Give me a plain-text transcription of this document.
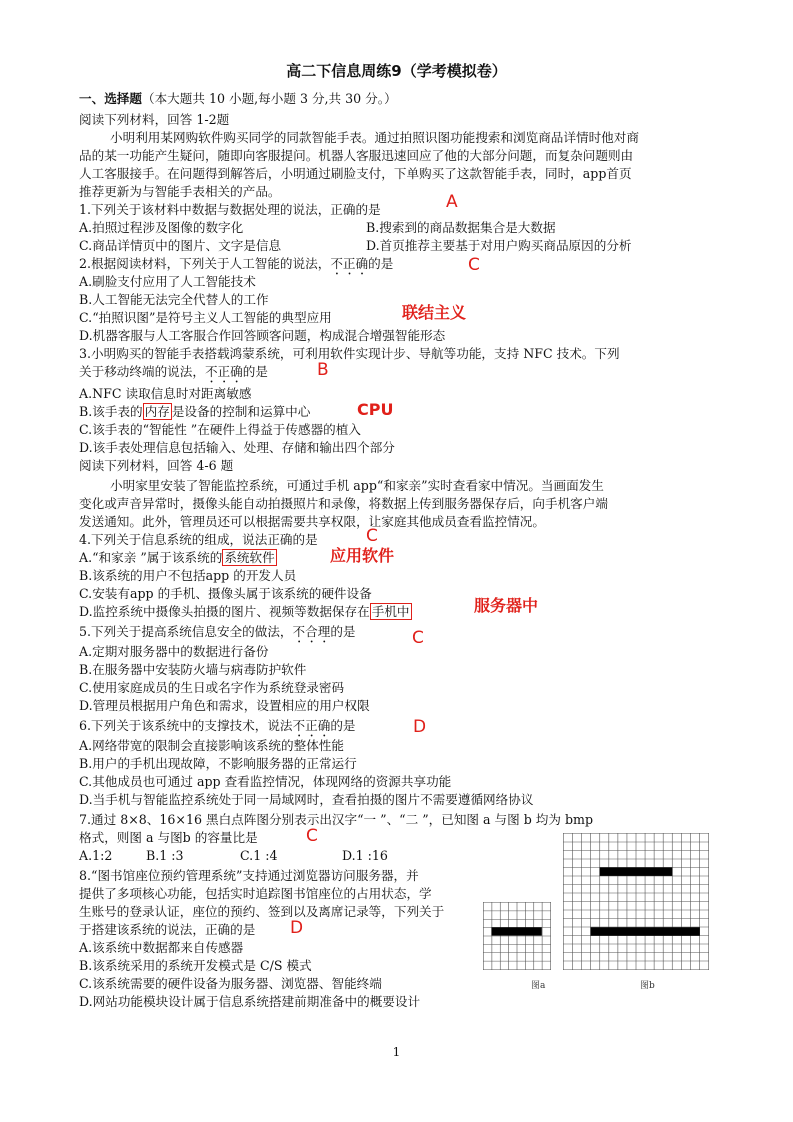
高二下信息周练9（学考模拟卷）
一、选择题（本大题共 10 小题,每小题 3 分,共 30 分。）
阅读下列材料，回答 1-2题
小明利用某网购软件购买同学的同款智能手表。通过拍照识图功能搜索和浏览商品详情时他对商
品的某一功能产生疑问，随即向客服提问。机器人客服迅速回应了他的大部分问题，而复杂问题则由
人工客服接手。在问题得到解答后，小明通过刷脸支付，下单购买了这款智能手表，同时，app首页
推荐更新为与智能手表相关的产品。
1.下列关于该材料中数据与数据处理的说法，正确的是	A
A.拍照过程涉及图像的数字化	B.搜索到的商品数据集合是大数据
C.商品详情页中的图片、文字是信息	D.首页推荐主要基于对用户购买商品原因的分析
2.根据阅读材料，下列关于人工智能的说法，不正确的是	C
A.刷脸支付应用了人工智能技术
B.人工智能无法完全代替人的工作
C.“拍照识图”是符号主义人工智能的典型应用	联结主义
D.机器客服与人工客服合作回答顾客问题，构成混合增强智能形态
3.小明购买的智能手表搭载鸿蒙系统，可利用软件实现计步、导航等功能，支持 NFC 技术。下列
关于移动终端的说法，不正确的是	B
A.NFC 读取信息时对距离敏感
B.该手表的 内存 是设备的控制和运算中心	CPU
C.该手表的“智能性 ”在硬件上得益于传感器的植入
D.该手表处理信息包括输入、处理、存储和输出四个部分
阅读下列材料，回答 4-6 题
小明家里安装了智能监控系统，可通过手机 app“和家亲”实时查看家中情况。当画面发生
变化或声音异常时，摄像头能自动拍摄照片和录像，将数据上传到服务器保存后，向手机客户端
发送通知。此外，管理员还可以根据需要共享权限，让家庭其他成员查看监控情况。
4.下列关于信息系统的组成，说法正确的是	C
A.“和家亲 ”属于该系统的 系统软件	应用软件
B.该系统的用户不包括app 的开发人员
C.安装有app 的手机、摄像头属于该系统的硬件设备
D.监控系统中摄像头拍摄的图片、视频等数据保存在 手机中	服务器中
5.下列关于提高系统信息安全的做法，不合理的是	C
A.定期对服务器中的数据进行备份
B.在服务器中安装防火墙与病毒防护软件
C.使用家庭成员的生日或名字作为系统登录密码
D.管理员根据用户角色和需求，设置相应的用户权限
6.下列关于该系统中的支撑技术，说法不正确的是	D
A.网络带宽的限制会直接影响该系统的整体性能
B.用户的手机出现故障，不影响服务器的正常运行
C.其他成员也可通过 app 查看监控情况，体现网络的资源共享功能
D.当手机与智能监控系统处于同一局域网时，查看拍摄的图片不需要遵循网络协议
7.通过 8×8、16×16 黑白点阵图分别表示出汉字“一 ”、“二 ”，已知图 a 与图 b 均为 bmp
格式，则图 a 与图b 的容量比是	C
A.1:2	B.1 :3	C.1 :4	D.1 :16
8.“图书馆座位预约管理系统”支持通过浏览器访问服务器，并
提供了多项核心功能，包括实时追踪图书馆座位的占用状态，学
生账号的登录认证，座位的预约、签到以及离席记录等，下列关于
于搭建该系统的说法，正确的是 D
A.该系统中数据都来自传感器
B.该系统采用的系统开发模式是 C/S 模式
C.该系统需要的硬件设备为服务器、浏览器、智能终端
D.网站功能模块设计属于信息系统搭建前期准备中的概要设计
图a	图b
1
